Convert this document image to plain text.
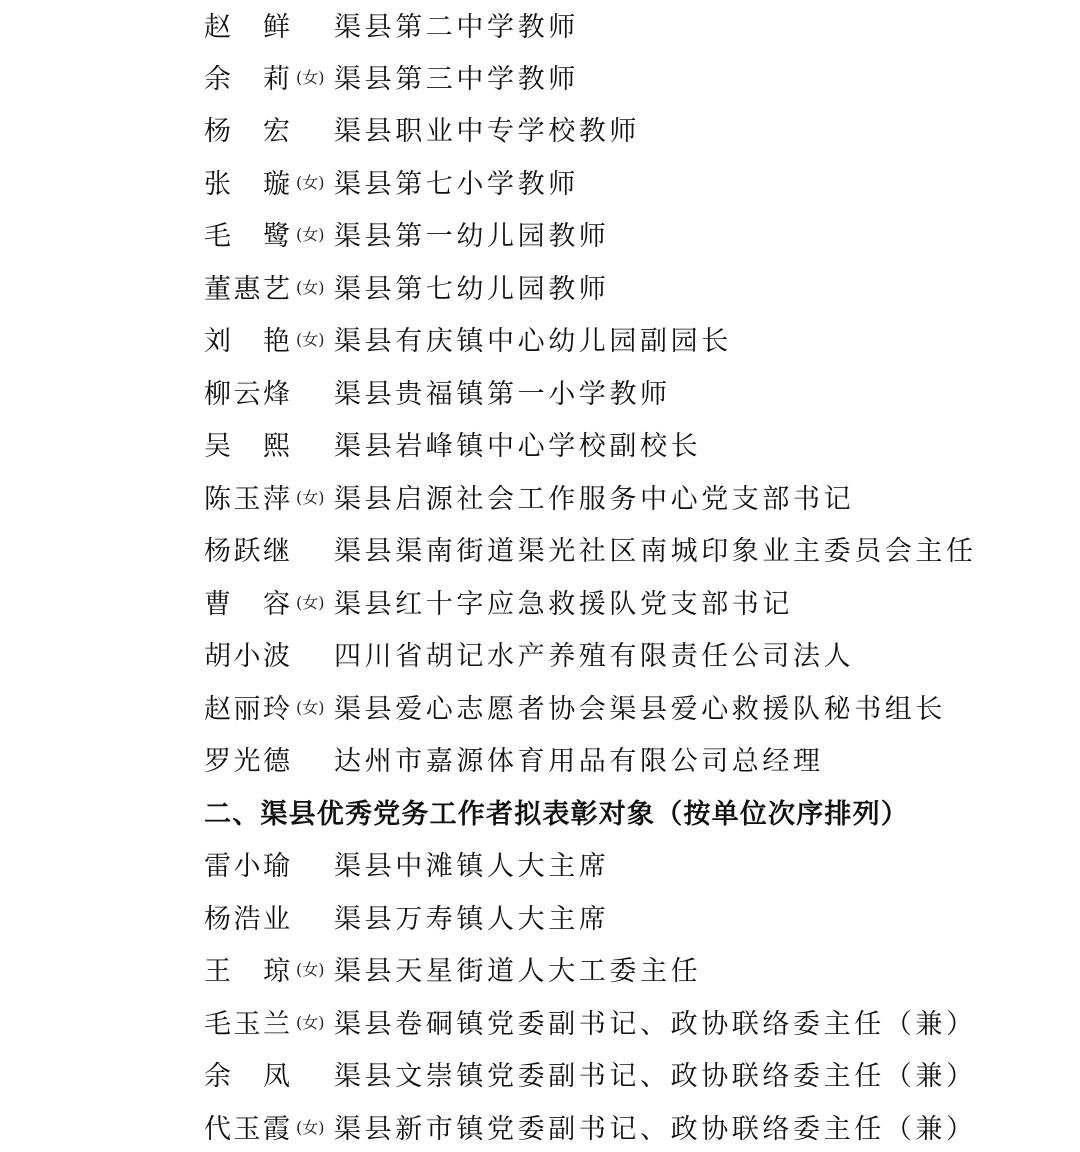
赵 鲜 渠县第二中学教师
余 莉 (女) 渠县第三中学教师
杨 宏 渠县职业中专学校教师
张 璇 (女) 渠县第七小学教师
毛 鹭 (女) 渠县第一幼儿园教师
董 惠 艺 (女) 渠县第七幼儿园教师
刘 艳 (女) 渠县有庆镇中心幼儿园副园长
柳 云 烽 渠县贵福镇第一小学教师
吴 熙 渠县岩峰镇中心学校副校长
陈 玉 萍 (女) 渠县启源社会工作服务中心党支部书记
杨 跃 继 渠县渠南街道渠光社区南城印象业主委员会主任
曹 容 (女) 渠县红十字应急救援队党支部书记
胡 小 波 四川省胡记水产养殖有限责任公司法人
赵 丽 玲 (女) 渠县爱心志愿者协会渠县爱心救援队秘书组长
罗 光 德 达州市嘉源体育用品有限公司总经理
二、渠县优秀党务工作者拟表彰对象（按单位次序排列）
雷 小 瑜 渠县中滩镇人大主席
杨 浩 业 渠县万寿镇人大主席
王 琼 (女) 渠县天星街道人大工委主任
毛 玉 兰 (女) 渠县卷硐镇党委副书记、政协联络委主任（兼）
余 凤 渠县文崇镇党委副书记、政协联络委主任（兼）
代 玉 霞 (女) 渠县新市镇党委副书记、政协联络委主任（兼）
